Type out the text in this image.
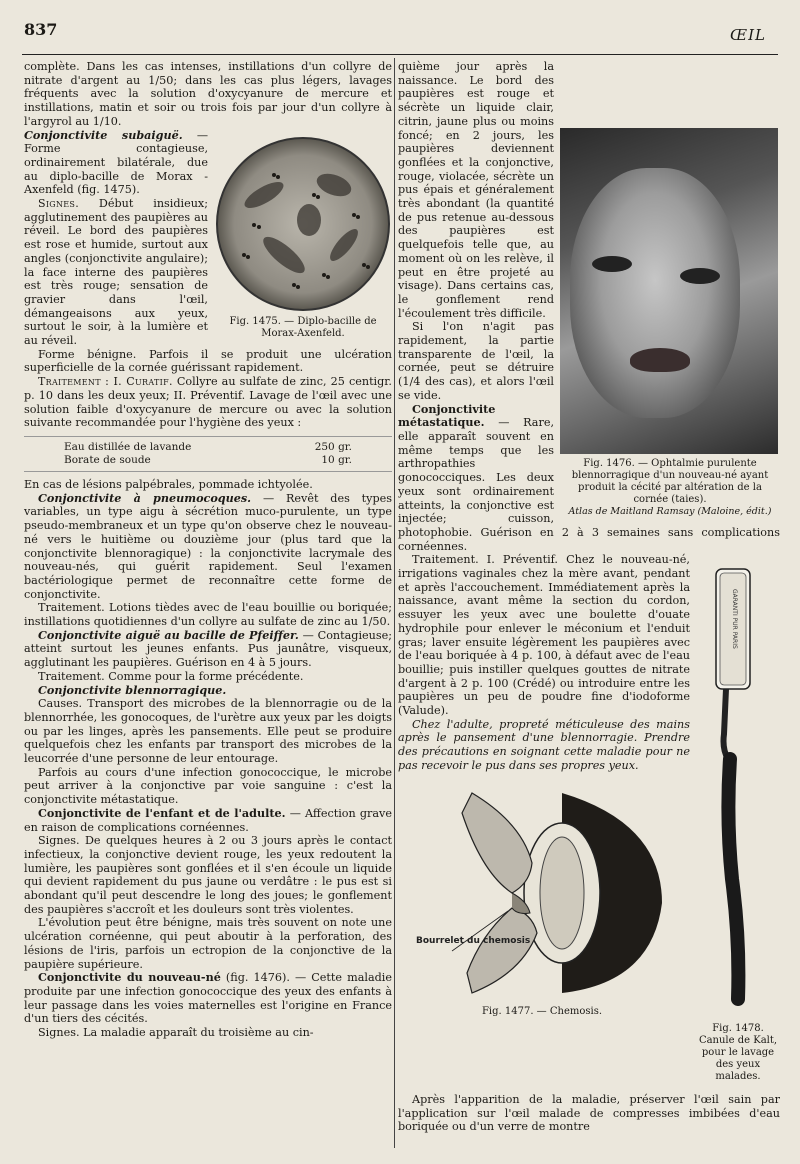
837	ŒIL

complète. Dans les cas intenses, instillations d'un collyre de nitrate d'argent au 1/50; dans les cas plus légers, lavages fréquents avec la solution d'oxycyanure de mercure et instillations, matin et soir ou trois fois par jour d'un collyre à l'argyrol au 1/10.

Fig. 1475. — Diplo-bacille de Morax-Axenfeld.

Conjonctivite subaiguë. — Forme contagieuse, ordinairement bilatérale, due au diplo-bacille de Morax - Axenfeld (fig. 1475).

Signes. Début insidieux; agglutinement des paupières au réveil. Le bord des paupières est rose et humide, surtout aux angles (conjonctivite angulaire); la face interne des paupières est très rouge; sensation de gravier dans l'œil, démangeaisons aux yeux, surtout le soir, à la lumière et au réveil.

Forme bénigne. Parfois il se produit une ulcération superficielle de la cornée guérissant rapidement.

Traitement : I. Curatif. Collyre au sulfate de zinc, 25 centigr. p. 10 dans les deux yeux; II. Préventif. Lavage de l'œil avec une solution faible d'oxycyanure de mercure ou avec la solution suivante recommandée pour l'hygiène des yeux :

Eau distillée de lavande	250 gr.
Borate de soude	10 gr.

En cas de lésions palpébrales, pommade ichtyolée.

Conjonctivite à pneumocoques. — Revêt des types variables, un type aigu à sécrétion muco-purulente, un type pseudo-membraneux et un type qu'on observe chez le nouveau-né vers le huitième ou douzième jour (plus tard que la conjonctivite blennoragique) : la conjonctivite lacrymale des nouveau-nés, qui guérit rapidement. Seul l'examen bactériologique permet de reconnaître cette forme de conjonctivite.

Traitement. Lotions tièdes avec de l'eau bouillie ou boriquée; instillations quotidiennes d'un collyre au sulfate de zinc au 1/50.

Conjonctivite aiguë au bacille de Pfeiffer. — Contagieuse; atteint surtout les jeunes enfants. Pus jaunâtre, visqueux, agglutinant les paupières. Guérison en 4 à 5 jours.

Traitement. Comme pour la forme précédente.

Conjonctivite blennorragique.

Causes. Transport des microbes de la blennorragie ou de la blennorrhée, les gonocoques, de l'urètre aux yeux par les doigts ou par les linges, après les pansements. Elle peut se produire quelquefois chez les enfants par transport des microbes de la leucorrée d'une personne de leur entourage.

Parfois au cours d'une infection gonococcique, le microbe peut arriver à la conjonctive par voie sanguine : c'est la conjonctivite métastatique.

Conjonctivite de l'enfant et de l'adulte. — Affection grave en raison de complications cornéennes.

Signes. De quelques heures à 2 ou 3 jours après le contact infectieux, la conjonctive devient rouge, les yeux redoutent la lumière, les paupières sont gonflées et il s'en écoule un liquide qui devient rapidement du pus jaune ou verdâtre : le pus est si abondant qu'il peut descendre le long des joues; le gonflement des paupières s'accroît et les douleurs sont très violentes.

L'évolution peut être bénigne, mais très souvent on note une ulcération cornéenne, qui peut aboutir à la perforation, des lésions de l'iris, parfois un ectropion de la conjonctive de la paupière supérieure.

Conjonctivite du nouveau-né (fig. 1476). — Cette maladie produite par une infection gonococcique des yeux des enfants à leur passage dans les voies maternelles est l'origine en France d'un tiers des cécités.

Signes. La maladie apparaît du troisième au cin-

Fig. 1476. — Ophtalmie purulente blennorragique d'un nouveau-né ayant produit la cécité par altération de la cornée (taies).
Atlas de Maitland Ramsay (Maloine, édit.)

quième jour après la naissance. Le bord des paupières est rouge et sécrète un liquide clair, citrin, jaune plus ou moins foncé; en 2 jours, les paupières deviennent gonflées et la conjonctive, rouge, violacée, sécrète un pus épais et généralement très abondant (la quantité de pus retenue au-dessous des paupières est quelquefois telle que, au moment où on les relève, il peut en être projeté au visage). Dans certains cas, le gonflement rend l'écoulement très difficile.

Si l'on n'agit pas rapidement, la partie transparente de l'œil, la cornée, peut se détruire (1/4 des cas), et alors l'œil se vide.

Conjonctivite métastatique. — Rare, elle apparaît souvent en même temps que les arthropathies gonococciques. Les deux yeux sont ordinairement atteints, la conjonctive est injectée; cuisson, photophobie. Guérison en 2 à 3 semaines sans complications cornéennes.

GARANTI PUR PARIS
Fig. 1478. Canule de Kalt, pour le lavage des yeux malades.

Traitement. I. Préventif. Chez le nouveau-né, irrigations vaginales chez la mère avant, pendant et après l'accouchement. Immédiatement après la naissance, avant même la section du cordon, essuyer les yeux avec une boulette d'ouate hydrophile pour enlever le méconium et l'enduit gras; laver ensuite légèrement les paupières avec de l'eau boriquée à 4 p. 100, à défaut avec de l'eau bouillie; puis instiller quelques gouttes de nitrate d'argent à 2 p. 100 (Crédé) ou introduire entre les paupières un peu de poudre fine d'iodoforme (Valude).

Chez l'adulte, propreté méticuleuse des mains après le pansement d'une blennorragie. Prendre des précautions en soignant cette maladie pour ne pas recevoir le pus dans ses propres yeux.

Bourrelet du chemosis
Fig. 1477. — Chemosis.

Après l'apparition de la maladie, préserver l'œil sain par l'application sur l'œil malade de compresses imbibées d'eau boriquée ou d'un verre de montre
